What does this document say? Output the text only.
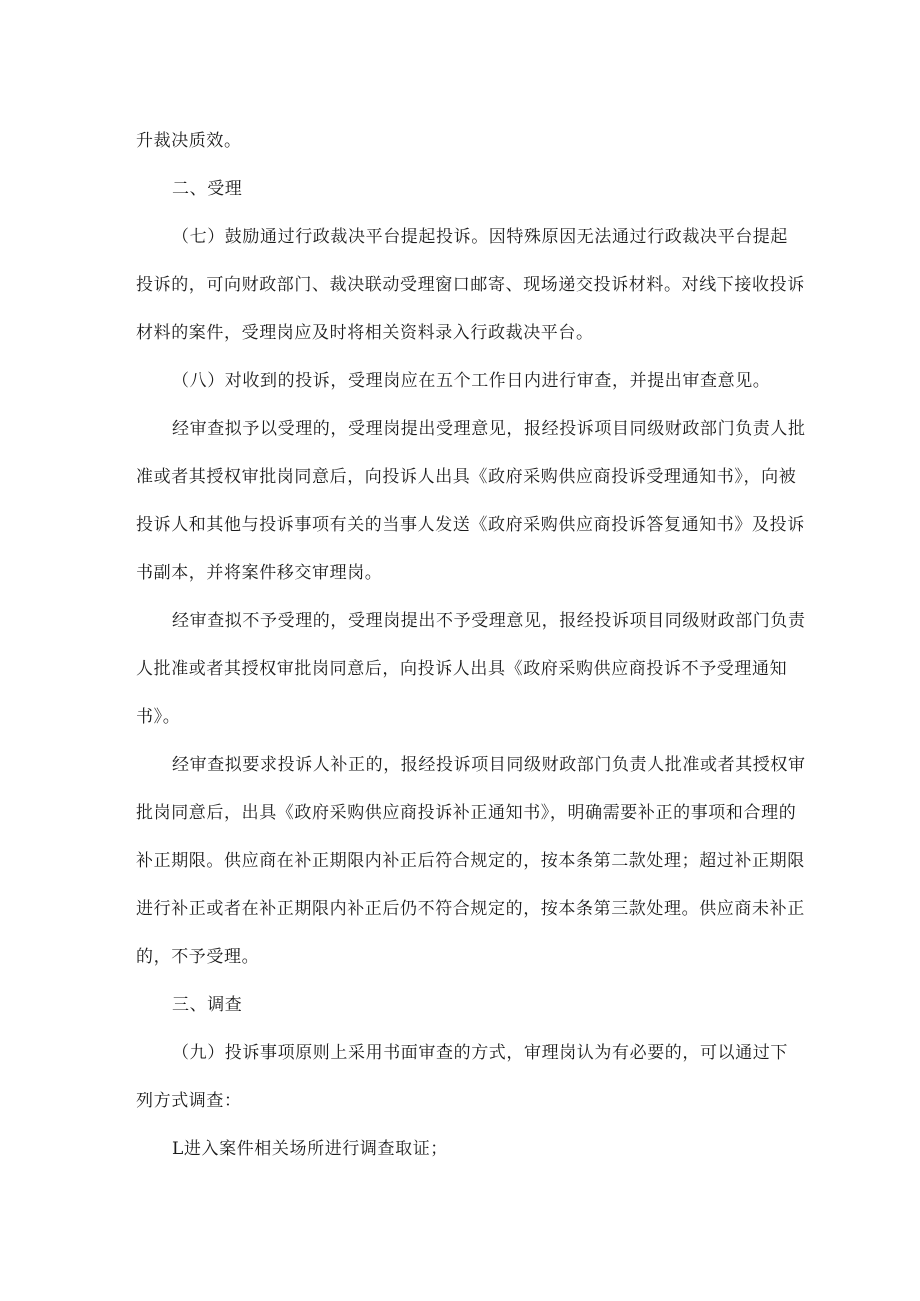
升裁决质效。
二、受理
（七）鼓励通过行政裁决平台提起投诉。因特殊原因无法通过行政裁决平台提起
投诉的，可向财政部门、裁决联动受理窗口邮寄、现场递交投诉材料。对线下接收投诉
材料的案件，受理岗应及时将相关资料录入行政裁决平台。
（八）对收到的投诉，受理岗应在五个工作日内进行审查，并提出审查意见。
经审查拟予以受理的，受理岗提出受理意见，报经投诉项目同级财政部门负责人批
准或者其授权审批岗同意后，向投诉人出具《政府采购供应商投诉受理通知书》，向被
投诉人和其他与投诉事项有关的当事人发送《政府采购供应商投诉答复通知书》及投诉
书副本，并将案件移交审理岗。
经审查拟不予受理的，受理岗提出不予受理意见，报经投诉项目同级财政部门负责
人批准或者其授权审批岗同意后，向投诉人出具《政府采购供应商投诉不予受理通知
书》。
经审查拟要求投诉人补正的，报经投诉项目同级财政部门负责人批准或者其授权审
批岗同意后，出具《政府采购供应商投诉补正通知书》，明确需要补正的事项和合理的
补正期限。供应商在补正期限内补正后符合规定的，按本条第二款处理；超过补正期限
进行补正或者在补正期限内补正后仍不符合规定的，按本条第三款处理。供应商未补正
的，不予受理。
三、调查
（九）投诉事项原则上采用书面审查的方式，审理岗认为有必要的，可以通过下
列方式调查：
L进入案件相关场所进行调查取证；
